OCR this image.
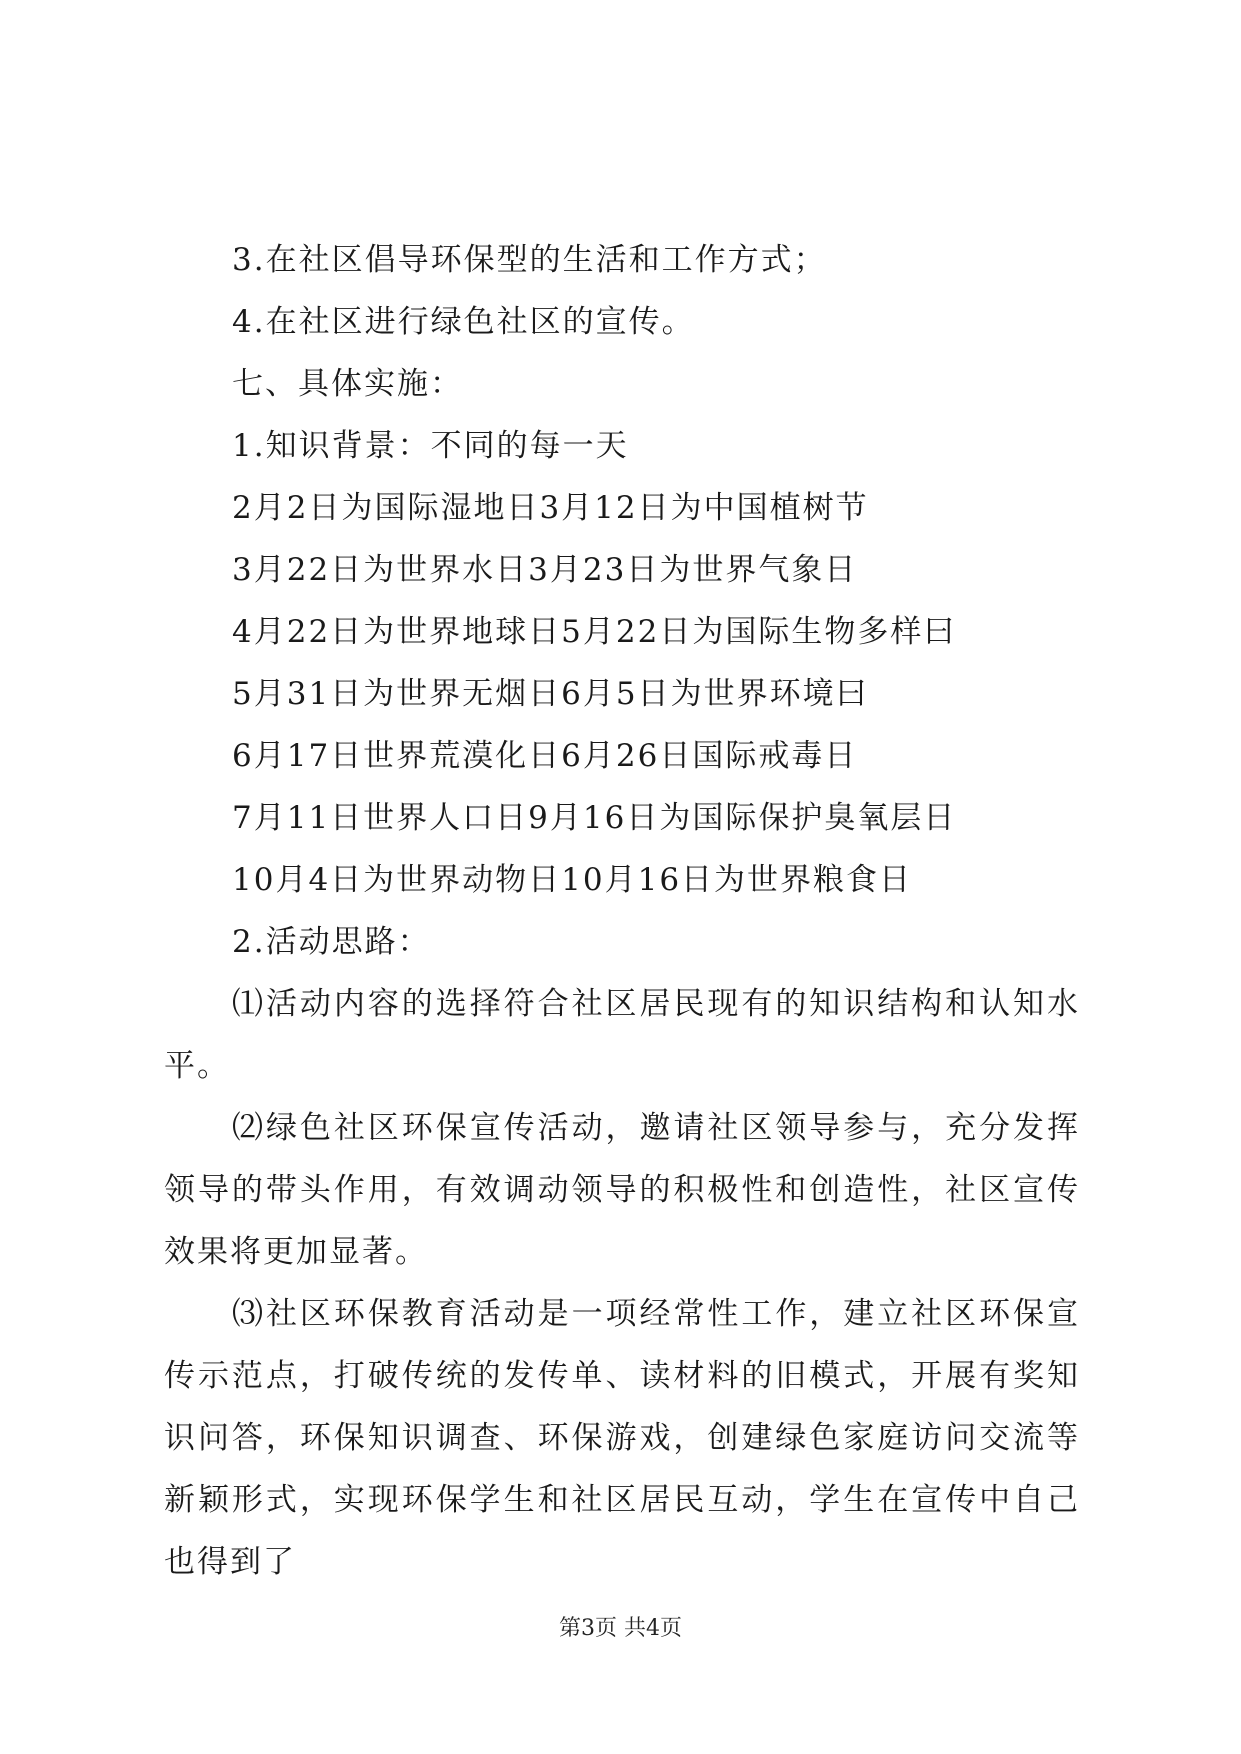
3.在社区倡导环保型的生活和工作方式；
4.在社区进行绿色社区的宣传。
七、具体实施：
1.知识背景：不同的每一天
2月2日为国际湿地日3月12日为中国植树节
3月22日为世界水日3月23日为世界气象日
4月22日为世界地球日5月22日为国际生物多样曰
5月31日为世界无烟日6月5日为世界环境曰
6月17日世界荒漠化日6月26日国际戒毒日
7月11日世界人口日9月16日为国际保护臭氧层日
10月4日为世界动物日10月16日为世界粮食日
2.活动思路：

⑴活动内容的选择符合社区居民现有的知识结构和认知水平。

⑵绿色社区环保宣传活动，邀请社区领导参与，充分发挥领导的带头作用，有效调动领导的积极性和创造性，社区宣传效果将更加显著。

⑶社区环保教育活动是一项经常性工作，建立社区环保宣传示范点，打破传统的发传单、读材料的旧模式，开展有奖知识问答，环保知识调查、环保游戏，创建绿色家庭访问交流等新颖形式，实现环保学生和社区居民互动，学生在宣传中自己也得到了

第3页 共4页
